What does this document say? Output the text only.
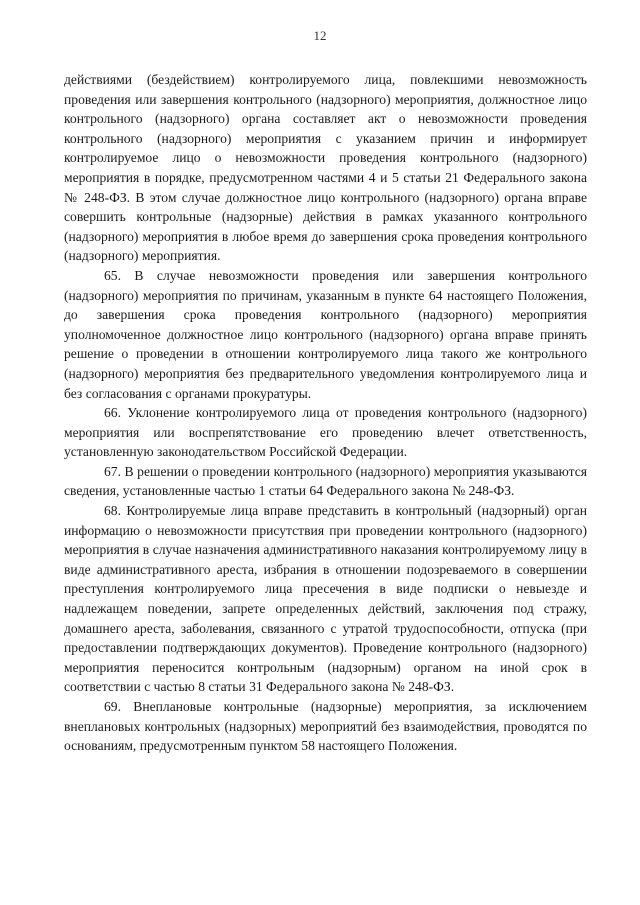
12

действиями (бездействием) контролируемого лица, повлекшими невозможность проведения или завершения контрольного (надзорного) мероприятия, должностное лицо контрольного (надзорного) органа составляет акт о невозможности проведения контрольного (надзорного) мероприятия с указанием причин и информирует контролируемое лицо о невозможности проведения контрольного (надзорного) мероприятия в порядке, предусмотренном частями 4 и 5 статьи 21 Федерального закона № 248-ФЗ. В этом случае должностное лицо контрольного (надзорного) органа вправе совершить контрольные (надзорные) действия в рамках указанного контрольного (надзорного) мероприятия в любое время до завершения срока проведения контрольного (надзорного) мероприятия.

65. В случае невозможности проведения или завершения контрольного (надзорного) мероприятия по причинам, указанным в пункте 64 настоящего Положения, до завершения срока проведения контрольного (надзорного) мероприятия уполномоченное должностное лицо контрольного (надзорного) органа вправе принять решение о проведении в отношении контролируемого лица такого же контрольного (надзорного) мероприятия без предварительного уведомления контролируемого лица и без согласования с органами прокуратуры.

66. Уклонение контролируемого лица от проведения контрольного (надзорного) мероприятия или воспрепятствование его проведению влечет ответственность, установленную законодательством Российской Федерации.

67. В решении о проведении контрольного (надзорного) мероприятия указываются сведения, установленные частью 1 статьи 64 Федерального закона № 248-ФЗ.

68. Контролируемые лица вправе представить в контрольный (надзорный) орган информацию о невозможности присутствия при проведении контрольного (надзорного) мероприятия в случае назначения административного наказания контролируемому лицу в виде административного ареста, избрания в отношении подозреваемого в совершении преступления контролируемого лица пресечения в виде подписки о невыезде и надлежащем поведении, запрете определенных действий, заключения под стражу, домашнего ареста, заболевания, связанного с утратой трудоспособности, отпуска (при предоставлении подтверждающих документов). Проведение контрольного (надзорного) мероприятия переносится контрольным (надзорным) органом на иной срок в соответствии с частью 8 статьи 31 Федерального закона № 248-ФЗ.

69. Внеплановые контрольные (надзорные) мероприятия, за исключением внеплановых контрольных (надзорных) мероприятий без взаимодействия, проводятся по основаниям, предусмотренным пунктом 58 настоящего Положения.
